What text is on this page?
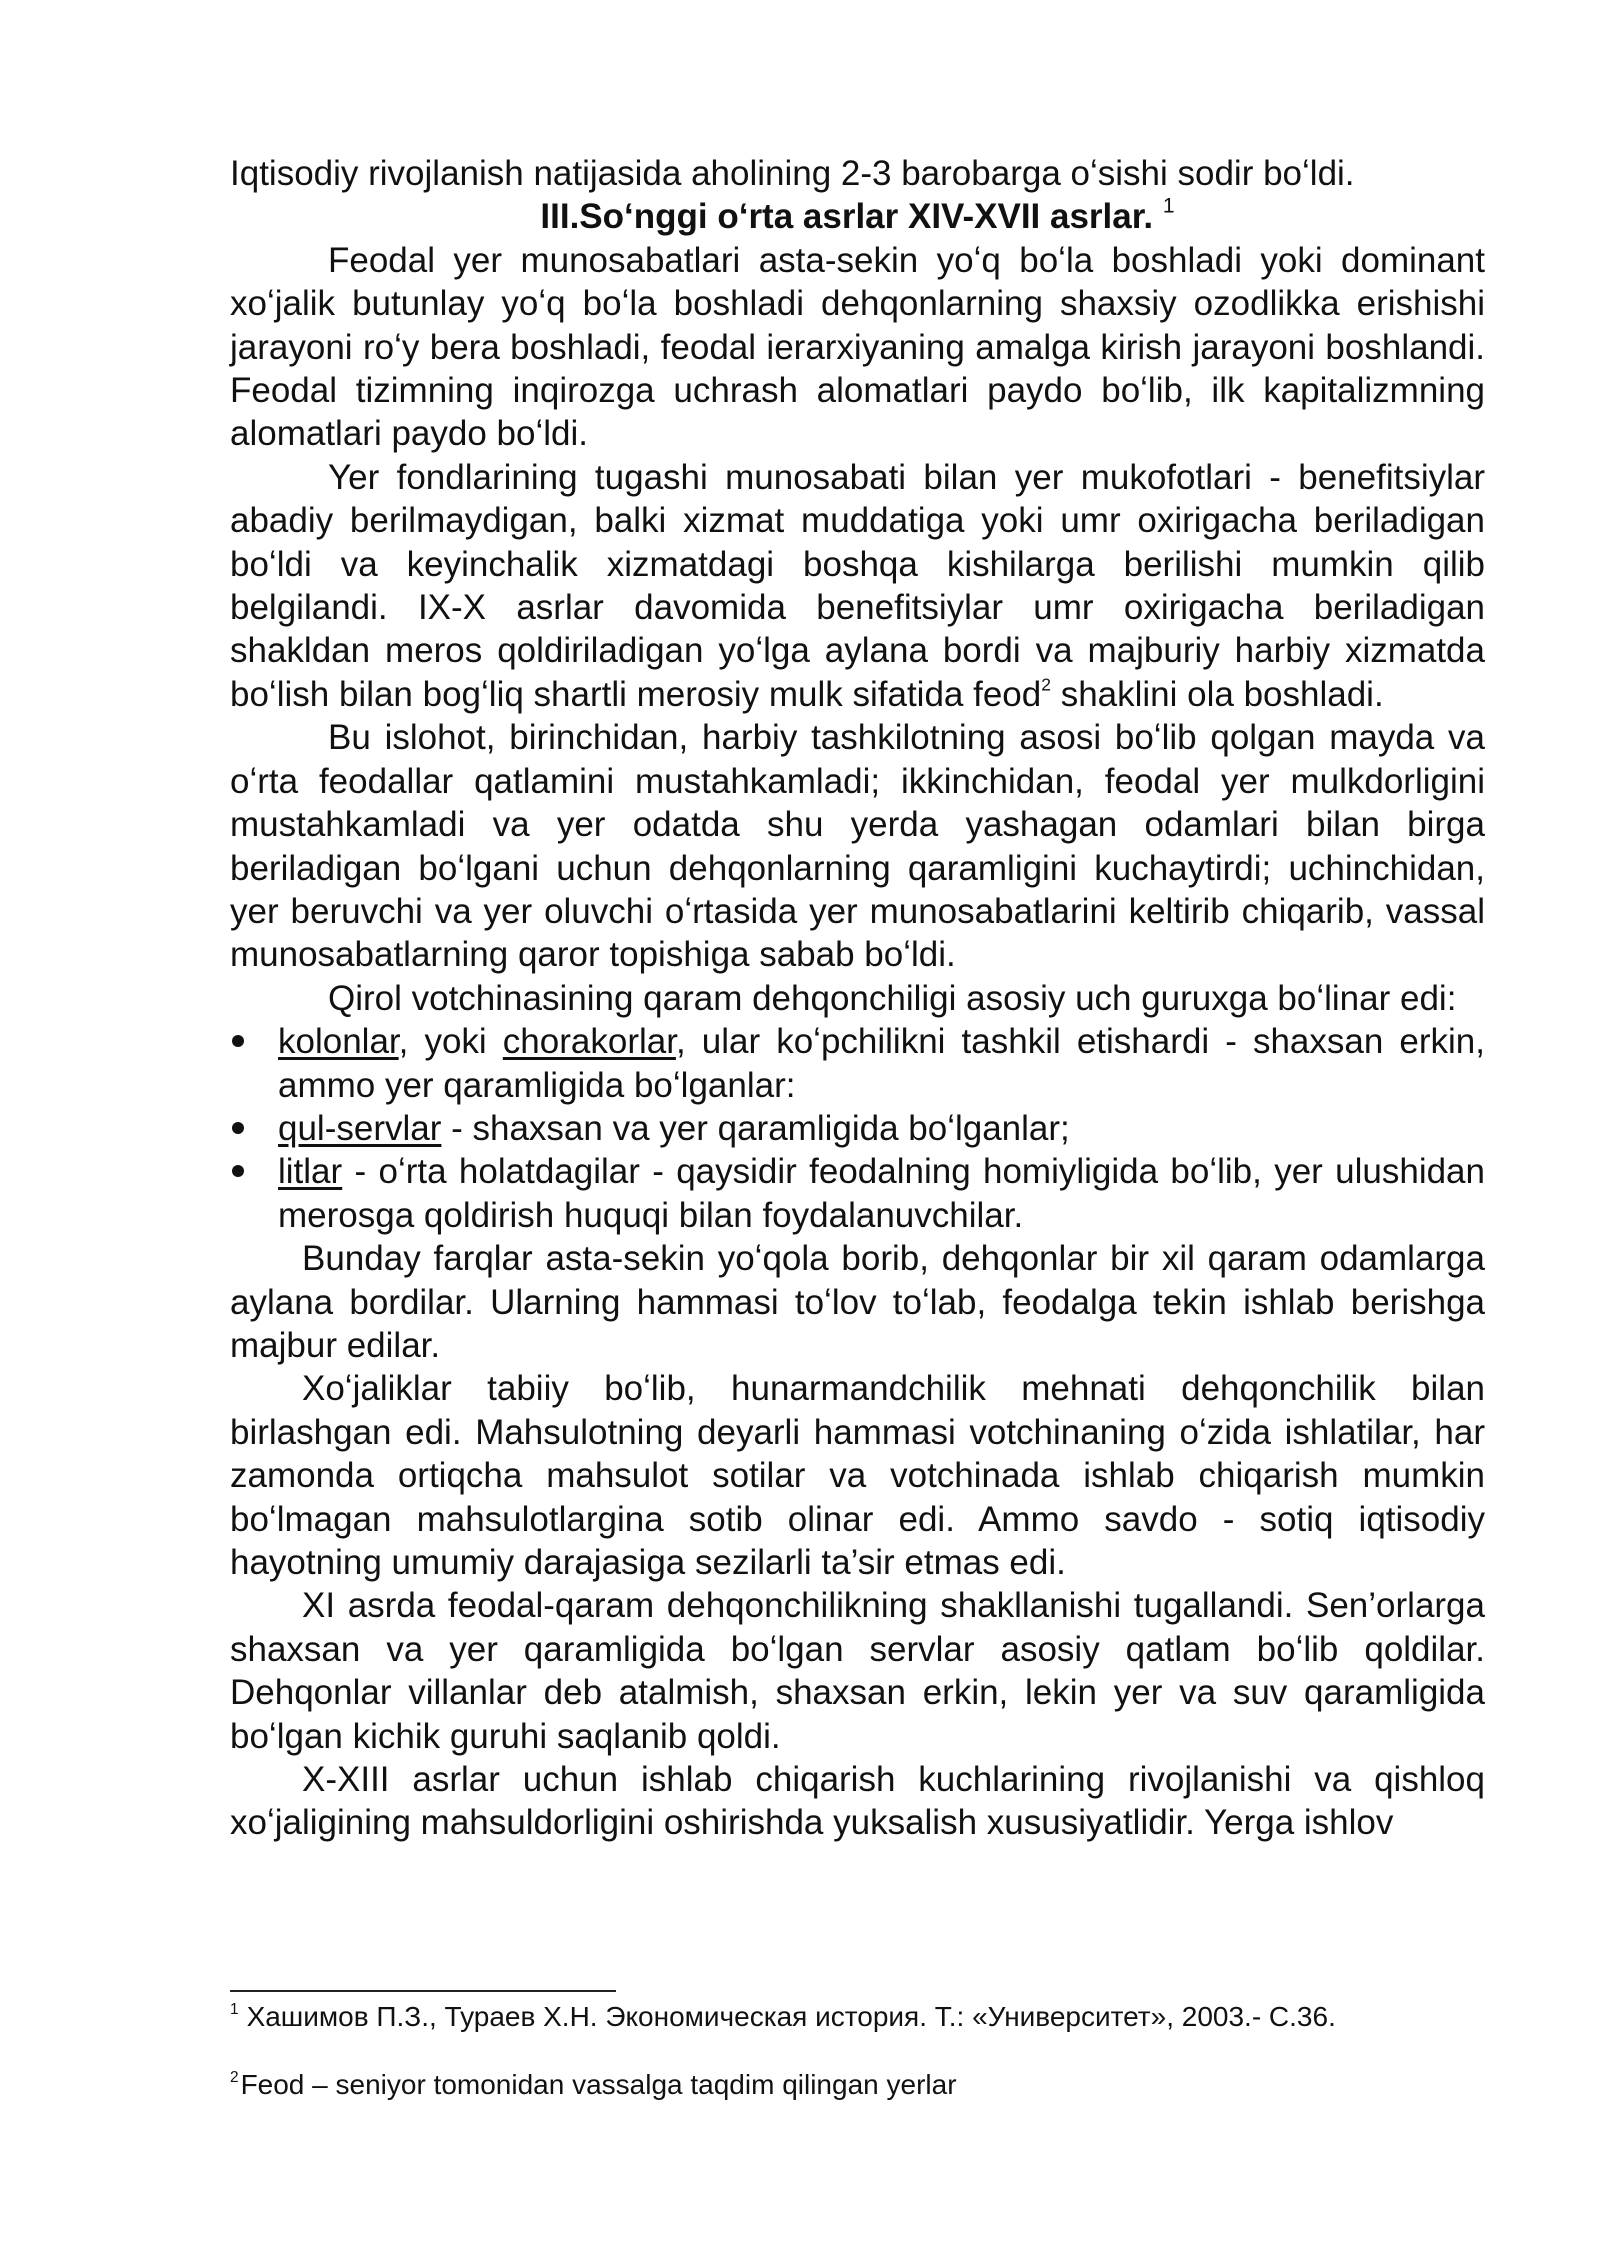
Iqtisodiy rivojlanish natijasida aholining 2-3 barobarga oʻsishi sodir boʻldi.

III.Soʻnggi oʻrta asrlar XIV-XVII asrlar. $^1$

Feodal yer munosabatlari asta-sekin yoʻq boʻla boshladi yoki dominant xoʻjalik butunlay yoʻq boʻla boshladi dehqonlarning shaxsiy ozodlikka erishishi jarayoni roʻy bera boshladi, feodal ierarxiyaning amalga kirish jarayoni boshlandi. Feodal tizimning inqirozga uchrash alomatlari paydo boʻlib, ilk kapitalizmning alomatlari paydo boʻldi.

Yer fondlarining tugashi munosabati bilan yer mukofotlari - benefitsiylar abadiy berilmaydigan, balki xizmat muddatiga yoki umr oxirigacha beriladigan boʻldi va keyinchalik xizmatdagi boshqa kishilarga berilishi mumkin qilib belgilandi. IX-X asrlar davomida benefitsiylar umr oxirigacha beriladigan shakldan meros qoldiriladigan yoʻlga aylana bordi va majburiy harbiy xizmatda boʻlish bilan bogʻliq shartli merosiy mulk sifatida feod$^2$ shaklini ola boshladi.

Bu islohot, birinchidan, harbiy tashkilotning asosi boʻlib qolgan mayda va oʻrta feodallar qatlamini mustahkamladi; ikkinchidan, feodal yer mulkdorligini mustahkamladi va yer odatda shu yerda yashagan odamlari bilan birga beriladigan boʻlgani uchun dehqonlarning qaramligini kuchaytirdi; uchinchidan, yer beruvchi va yer oluvchi oʻrtasida yer munosabatlarini keltirib chiqarib, vassal munosabatlarning qaror topishiga sabab boʻldi.

Qirol votchinasining qaram dehqonchiligi asosiy uch guruxga boʻlinar edi:

kolonlar, yoki chorakorlar, ular koʻpchilikni tashkil etishardi - shaxsan erkin, ammo yer qaramligida boʻlganlar:
qul-servlar - shaxsan va yer qaramligida boʻlganlar;
litlar - oʻrta holatdagilar - qaysidir feodalning homiyligida boʻlib, yer ulushidan merosga qoldirish huquqi bilan foydalanuvchilar.

Bunday farqlar asta-sekin yoʻqola borib, dehqonlar bir xil qaram odamlarga aylana bordilar. Ularning hammasi toʻlov toʻlab, feodalga tekin ishlab berishga majbur edilar.

Xoʻjaliklar tabiiy boʻlib, hunarmandchilik mehnati dehqonchilik bilan birlashgan edi. Mahsulotning deyarli hammasi votchinaning oʻzida ishlatilar, har zamonda ortiqcha mahsulot sotilar va votchinada ishlab chiqarish mumkin boʻlmagan mahsulotlargina sotib olinar edi. Ammo savdo - sotiq iqtisodiy hayotning umumiy darajasiga sezilarli ta’sir etmas edi.

XI asrda feodal-qaram dehqonchilikning shakllanishi tugallandi. Sen’orlarga shaxsan va yer qaramligida boʻlgan servlar asosiy qatlam boʻlib qoldilar. Dehqonlar villanlar deb atalmish, shaxsan erkin, lekin yer va suv qaramligida boʻlgan kichik guruhi saqlanib qoldi.

X-XIII asrlar uchun ishlab chiqarish kuchlarining rivojlanishi va qishloq xoʻjaligining mahsuldorligini oshirishda yuksalish xususiyatlidir. Yerga ishlov

$^1$ Хашимов П.З., Тураев Х.Н. Экономическая история. Т.: «Университет», 2003.- С.36.

$^2$Feod – seniyor tomonidan vassalga taqdim qilingan yerlar
